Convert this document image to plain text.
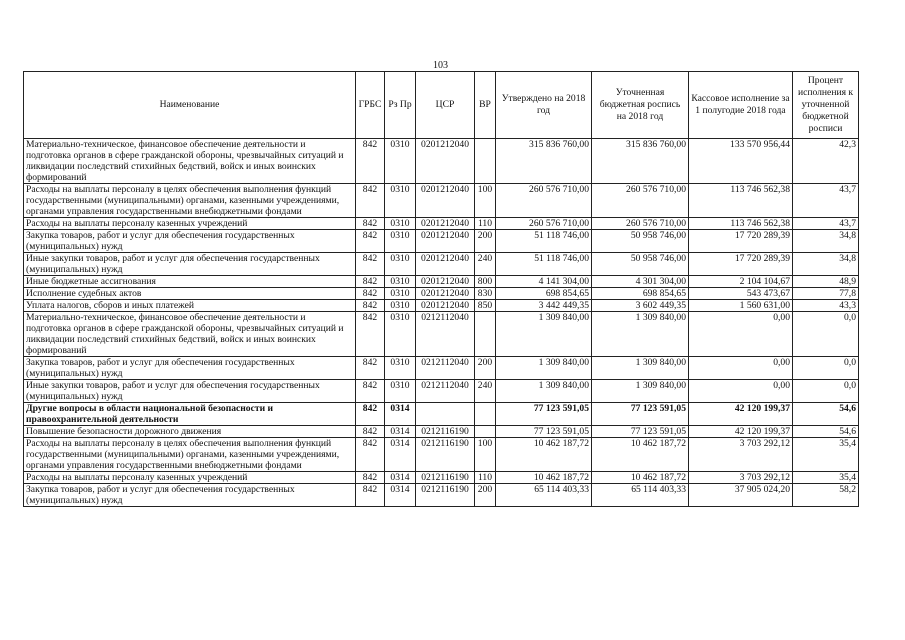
103
Наименование	ГРБС	Рз Пр	ЦСР	ВР	Утверждено на 2018 год	Уточненная бюджетная роспись на 2018 год	Кассовое исполнение за 1 полугодие 2018 года	Процент исполнения к уточненной бюджетной росписи
Материально-техническое, финансовое обеспечение деятельности и подготовка органов в сфере гражданской обороны, чрезвычайных ситуаций и ликвидации последствий стихийных бедствий, войск и иных воинских формирований	842	0310	0201212040		315 836 760,00	315 836 760,00	133 570 956,44	42,3
Расходы на выплаты персоналу в целях обеспечения выполнения функций государственными (муниципальными) органами, казенными учреждениями, органами управления государственными внебюджетными фондами	842	0310	0201212040	100	260 576 710,00	260 576 710,00	113 746 562,38	43,7
Расходы на выплаты персоналу казенных учреждений	842	0310	0201212040	110	260 576 710,00	260 576 710,00	113 746 562,38	43,7
Закупка товаров, работ и услуг для обеспечения государственных (муниципальных) нужд	842	0310	0201212040	200	51 118 746,00	50 958 746,00	17 720 289,39	34,8
Иные закупки товаров, работ и услуг для обеспечения государственных (муниципальных) нужд	842	0310	0201212040	240	51 118 746,00	50 958 746,00	17 720 289,39	34,8
Иные бюджетные ассигнования	842	0310	0201212040	800	4 141 304,00	4 301 304,00	2 104 104,67	48,9
Исполнение судебных актов	842	0310	0201212040	830	698 854,65	698 854,65	543 473,67	77,8
Уплата налогов, сборов и иных платежей	842	0310	0201212040	850	3 442 449,35	3 602 449,35	1 560 631,00	43,3
Материально-техническое, финансовое обеспечение деятельности и подготовка органов в сфере гражданской обороны, чрезвычайных ситуаций и ликвидации последствий стихийных бедствий, войск и иных воинских формирований	842	0310	0212112040		1 309 840,00	1 309 840,00	0,00	0,0
Закупка товаров, работ и услуг для обеспечения государственных (муниципальных) нужд	842	0310	0212112040	200	1 309 840,00	1 309 840,00	0,00	0,0
Иные закупки товаров, работ и услуг для обеспечения государственных (муниципальных) нужд	842	0310	0212112040	240	1 309 840,00	1 309 840,00	0,00	0,0
Другие вопросы в области национальной безопасности и правоохранительной деятельности	842	0314			77 123 591,05	77 123 591,05	42 120 199,37	54,6
Повышение безопасности дорожного движения	842	0314	0212116190		77 123 591,05	77 123 591,05	42 120 199,37	54,6
Расходы на выплаты персоналу в целях обеспечения выполнения функций государственными (муниципальными) органами, казенными учреждениями, органами управления государственными внебюджетными фондами	842	0314	0212116190	100	10 462 187,72	10 462 187,72	3 703 292,12	35,4
Расходы на выплаты персоналу казенных учреждений	842	0314	0212116190	110	10 462 187,72	10 462 187,72	3 703 292,12	35,4
Закупка товаров, работ и услуг для обеспечения государственных (муниципальных) нужд	842	0314	0212116190	200	65 114 403,33	65 114 403,33	37 905 024,20	58,2
